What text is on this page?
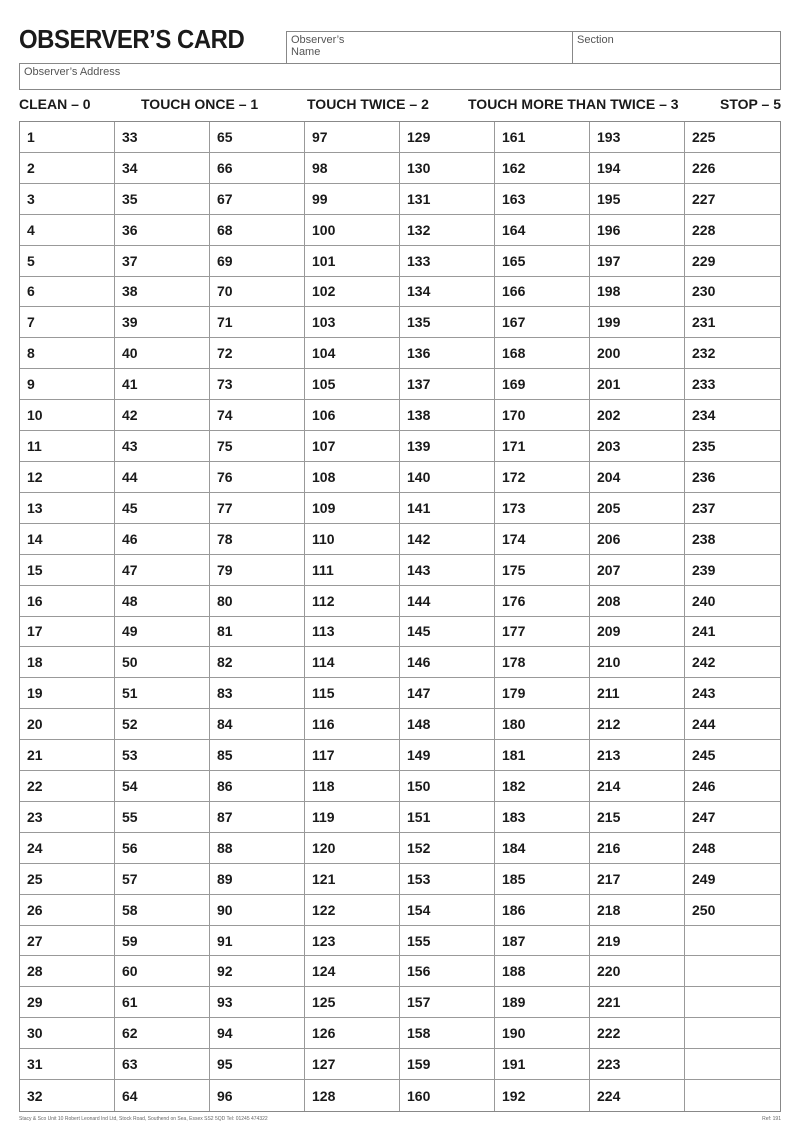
OBSERVER’S CARD	Observer’s
Name
Section
Observer’s Address
CLEAN – 0	TOUCH ONCE – 1	TOUCH TWICE – 2	TOUCH MORE THAN TWICE – 3	STOP – 5
1	33	65	97	129	161	193	225
2	34	66	98	130	162	194	226
3	35	67	99	131	163	195	227
4	36	68	100	132	164	196	228
5	37	69	101	133	165	197	229
6	38	70	102	134	166	198	230
7	39	71	103	135	167	199	231
8	40	72	104	136	168	200	232
9	41	73	105	137	169	201	233
10	42	74	106	138	170	202	234
11	43	75	107	139	171	203	235
12	44	76	108	140	172	204	236
13	45	77	109	141	173	205	237
14	46	78	110	142	174	206	238
15	47	79	111	143	175	207	239
16	48	80	112	144	176	208	240
17	49	81	113	145	177	209	241
18	50	82	114	146	178	210	242
19	51	83	115	147	179	211	243
20	52	84	116	148	180	212	244
21	53	85	117	149	181	213	245
22	54	86	118	150	182	214	246
23	55	87	119	151	183	215	247
24	56	88	120	152	184	216	248
25	57	89	121	153	185	217	249
26	58	90	122	154	186	218	250
27	59	91	123	155	187	219
28	60	92	124	156	188	220
29	61	93	125	157	189	221
30	62	94	126	158	190	222
31	63	95	127	159	191	223
32	64	96	128	160	192	224
Stacy & Sco Unit 10 Robert Leonard Ind Ltd, Stock Road, Southend on Sea, Essex SS2 5QD Tel: 01245 474322	Ref: 191
